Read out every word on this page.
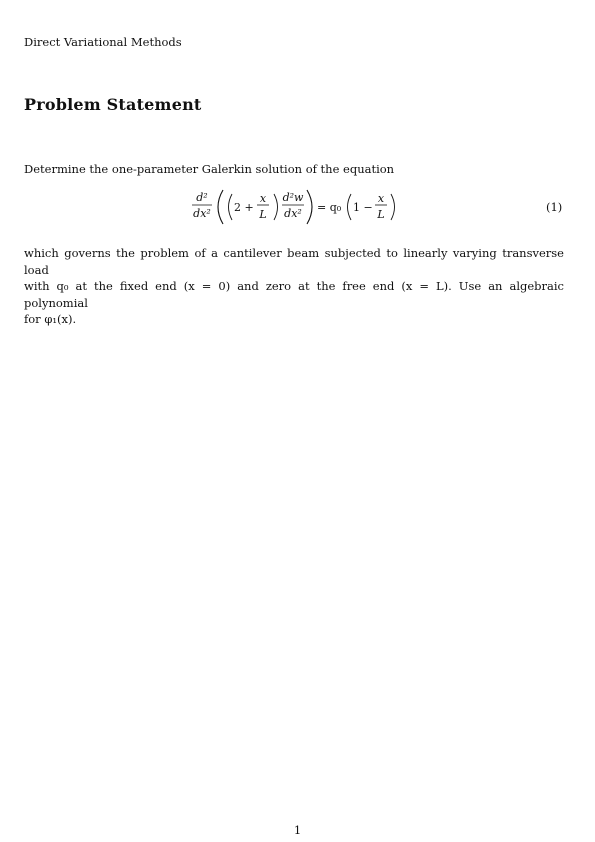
Direct Variational Methods
Problem Statement
Determine the one-parameter Galerkin solution of the equation
d²
dx² 2 +
x
L
d²w
dx² = q₀ 1 −
x
L
(1)
which governs the problem of a cantilever beam subjected to linearly varying transverse load
with q₀ at the fixed end (x = 0) and zero at the free end (x = L). Use an algebraic polynomial
for φ₁(x).
1
